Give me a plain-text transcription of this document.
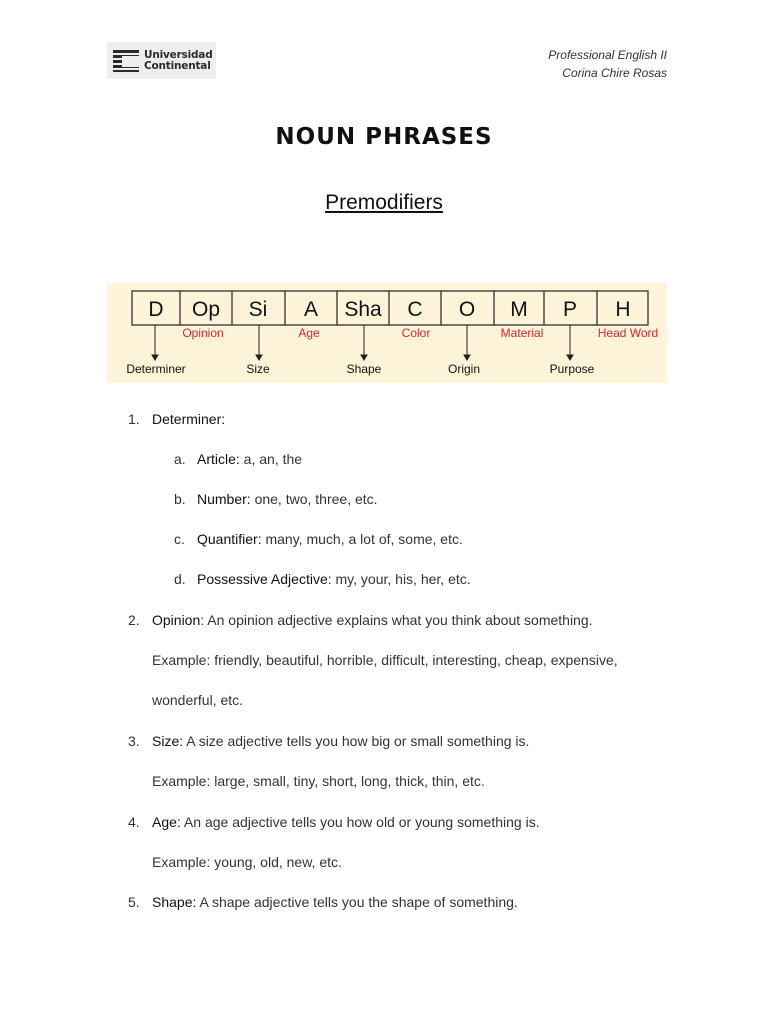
Universidad
Continental
Professional English II
Corina Chire Rosas
NOUN PHRASES
Premodifiers
D Op Si A Sha C O M P H
Opinion	Age	Color	Material	Head Word
Determiner	Size	Shape	Origin	Purpose
1. Determiner:
a. Article: a, an, the
b. Number: one, two, three, etc.
c. Quantifier: many, much, a lot of, some, etc.
d. Possessive Adjective: my, your, his, her, etc.
2. Opinion: An opinion adjective explains what you think about something.
Example: friendly, beautiful, horrible, difficult, interesting, cheap, expensive,
wonderful, etc.
3. Size: A size adjective tells you how big or small something is.
Example: large, small, tiny, short, long, thick, thin, etc.
4. Age: An age adjective tells you how old or young something is.
Example: young, old, new, etc.
5. Shape: A shape adjective tells you the shape of something.
